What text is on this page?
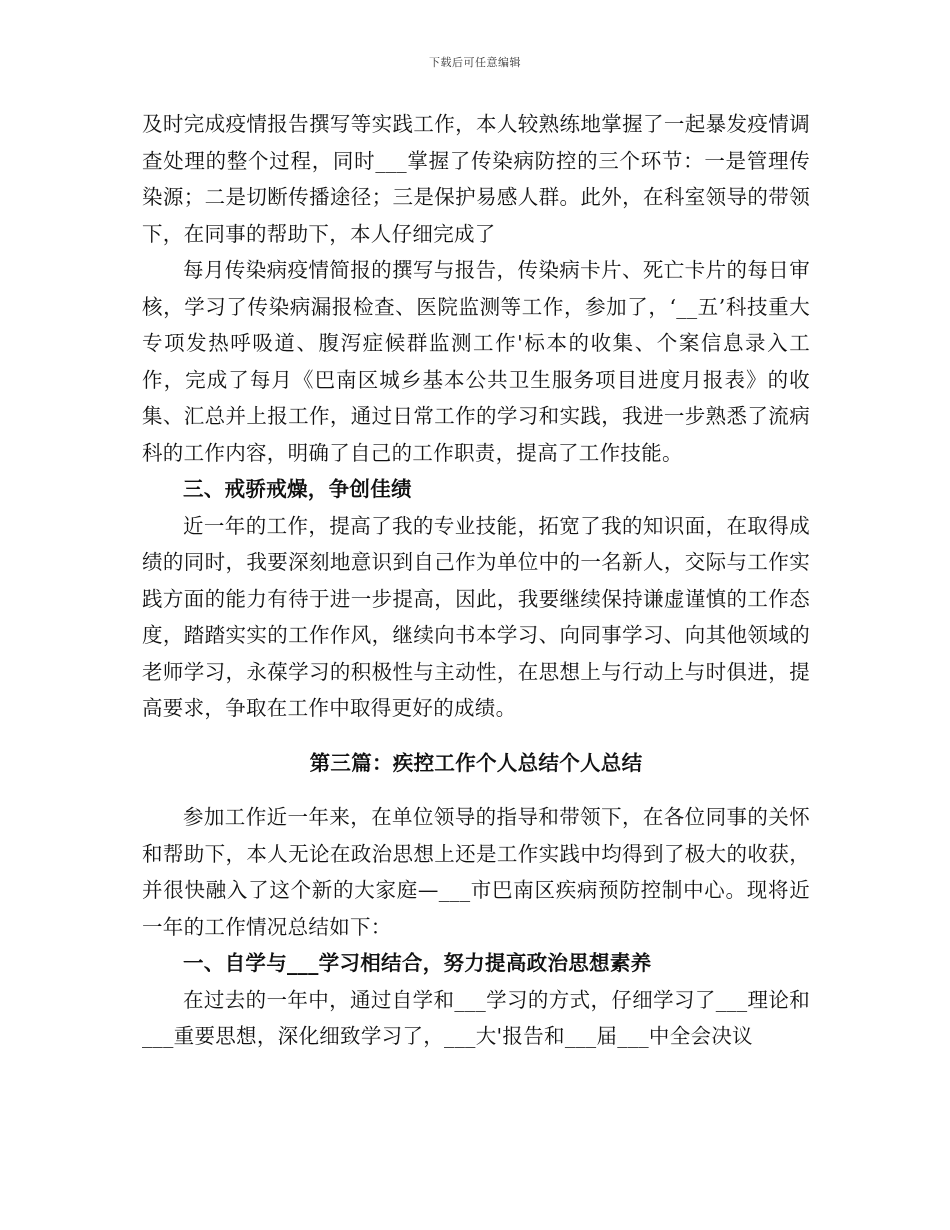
下载后可任意编辑

及时完成疫情报告撰写等实践工作，本人较熟练地掌握了一起暴发疫情调查处理的整个过程，同时___掌握了传染病防控的三个环节：一是管理传染源；二是切断传播途径；三是保护易感人群。此外，在科室领导的带领下，在同事的帮助下，本人仔细完成了

每月传染病疫情简报的撰写与报告，传染病卡片、死亡卡片的每日审核，学习了传染病漏报检查、医院监测等工作，参加了，‘__五’科技重大专项发热呼吸道、腹泻症候群监测工作'标本的收集、个案信息录入工作，完成了每月《巴南区城乡基本公共卫生服务项目进度月报表》的收集、汇总并上报工作，通过日常工作的学习和实践，我进一步熟悉了流病科的工作内容，明确了自己的工作职责，提高了工作技能。

三、戒骄戒燥，争创佳绩

近一年的工作，提高了我的专业技能，拓宽了我的知识面，在取得成绩的同时，我要深刻地意识到自己作为单位中的一名新人，交际与工作实践方面的能力有待于进一步提高，因此，我要继续保持谦虚谨慎的工作态度，踏踏实实的工作作风，继续向书本学习、向同事学习、向其他领域的老师学习，永葆学习的积极性与主动性，在思想上与行动上与时俱进，提高要求，争取在工作中取得更好的成绩。

第三篇：疾控工作个人总结个人总结

参加工作近一年来，在单位领导的指导和带领下，在各位同事的关怀和帮助下，本人无论在政治思想上还是工作实践中均得到了极大的收获，并很快融入了这个新的大家庭—___市巴南区疾病预防控制中心。现将近一年的工作情况总结如下：

一、自学与___学习相结合，努力提高政治思想素养

在过去的一年中，通过自学和___学习的方式，仔细学习了___理论和___重要思想，深化细致学习了，___大'报告和___届___中全会决议
